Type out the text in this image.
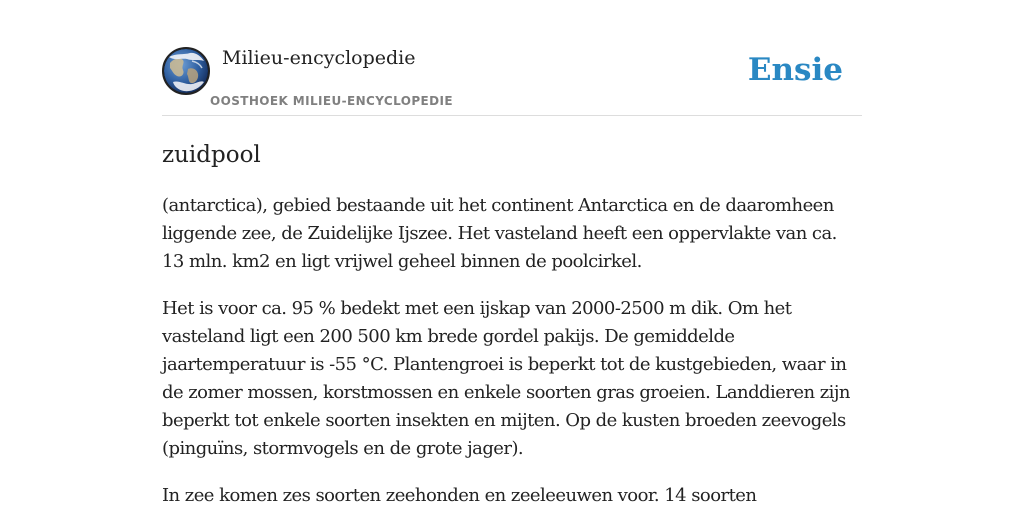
Milieu-encyclopedie
OOSTHOEK MILIEU-ENCYCLOPEDIE
Ensie
zuidpool

(antarctica), gebied bestaande uit het continent Antarctica en de daaromheen liggende zee, de Zuidelijke Ijszee. Het vasteland heeft een oppervlakte van ca. 13 mln. km2 en ligt vrijwel geheel binnen de poolcirkel.

Het is voor ca. 95 % bedekt met een ijskap van 2000-2500 m dik. Om het vasteland ligt een 200 500 km brede gordel pakijs. De gemiddelde jaartemperatuur is -55 °C. Plantengroei is beperkt tot de kustgebieden, waar in de zomer mossen, korstmossen en enkele soorten gras groeien. Landdieren zijn beperkt tot enkele soorten insekten en mijten. Op de kusten broeden zeevogels (pinguïns, stormvogels en de grote jager).

In zee komen zes soorten zeehonden en zeeleeuwen voor. 14 soorten
